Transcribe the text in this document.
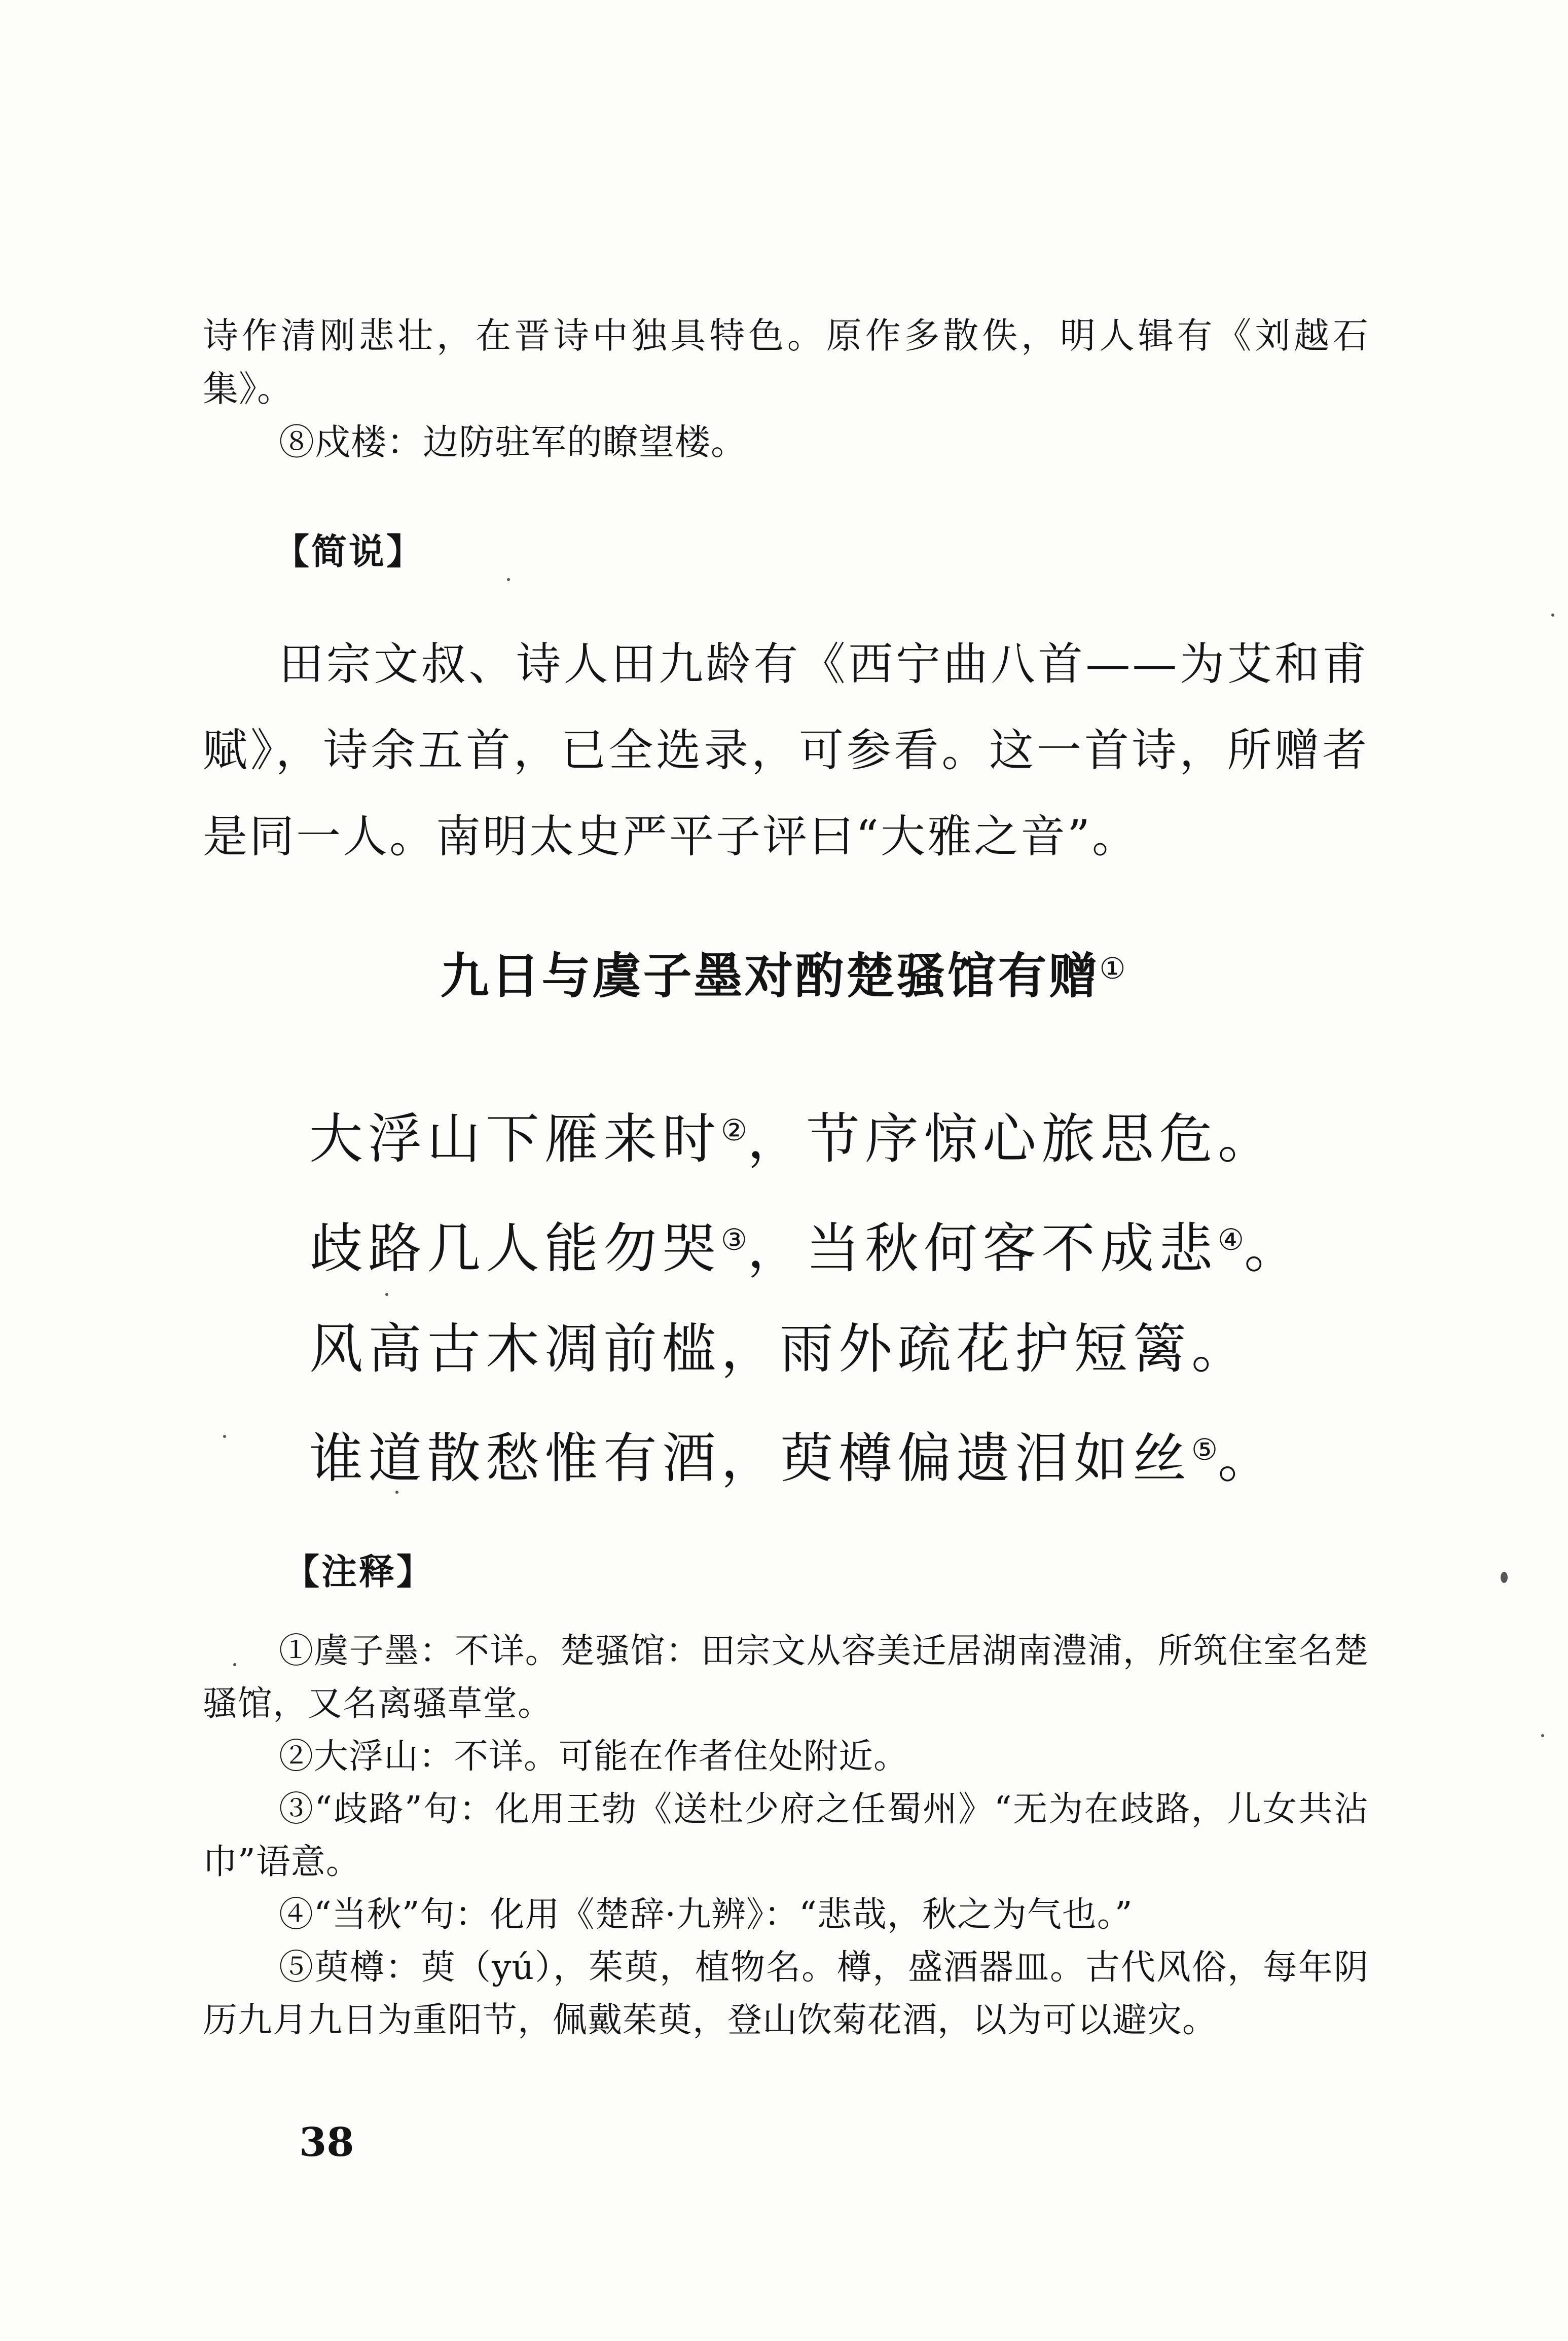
诗作清刚悲壮，在晋诗中独具特色。原作多散佚，明人辑有《刘越石集》。

⑧戍楼：边防驻军的瞭望楼。

【简说】

田宗文叔、诗人田九龄有《西宁曲八首——为艾和甫赋》，诗余五首，已全选录，可参看。这一首诗，所赠者是同一人。南明太史严平子评曰“大雅之音”。

九日与虞子墨对酌楚骚馆有赠①

大浮山下雁来时②，节序惊心旅思危。

歧路几人能勿哭③，当秋何客不成悲④。

风高古木凋前槛，雨外疏花护短篱。

谁道散愁惟有酒，萸樽偏遗泪如丝⑤。

【注释】

①虞子墨：不详。楚骚馆：田宗文从容美迁居湖南澧浦，所筑住室名楚骚馆，又名离骚草堂。

②大浮山：不详。可能在作者住处附近。

③“歧路”句：化用王勃《送杜少府之任蜀州》“无为在歧路，儿女共沾巾”语意。

④“当秋”句：化用《楚辞·九辨》：“悲哉，秋之为气也。”

⑤萸樽：萸（yú），茱萸，植物名。樽，盛酒器皿。古代风俗，每年阴历九月九日为重阳节，佩戴茱萸，登山饮菊花酒，以为可以避灾。

38
